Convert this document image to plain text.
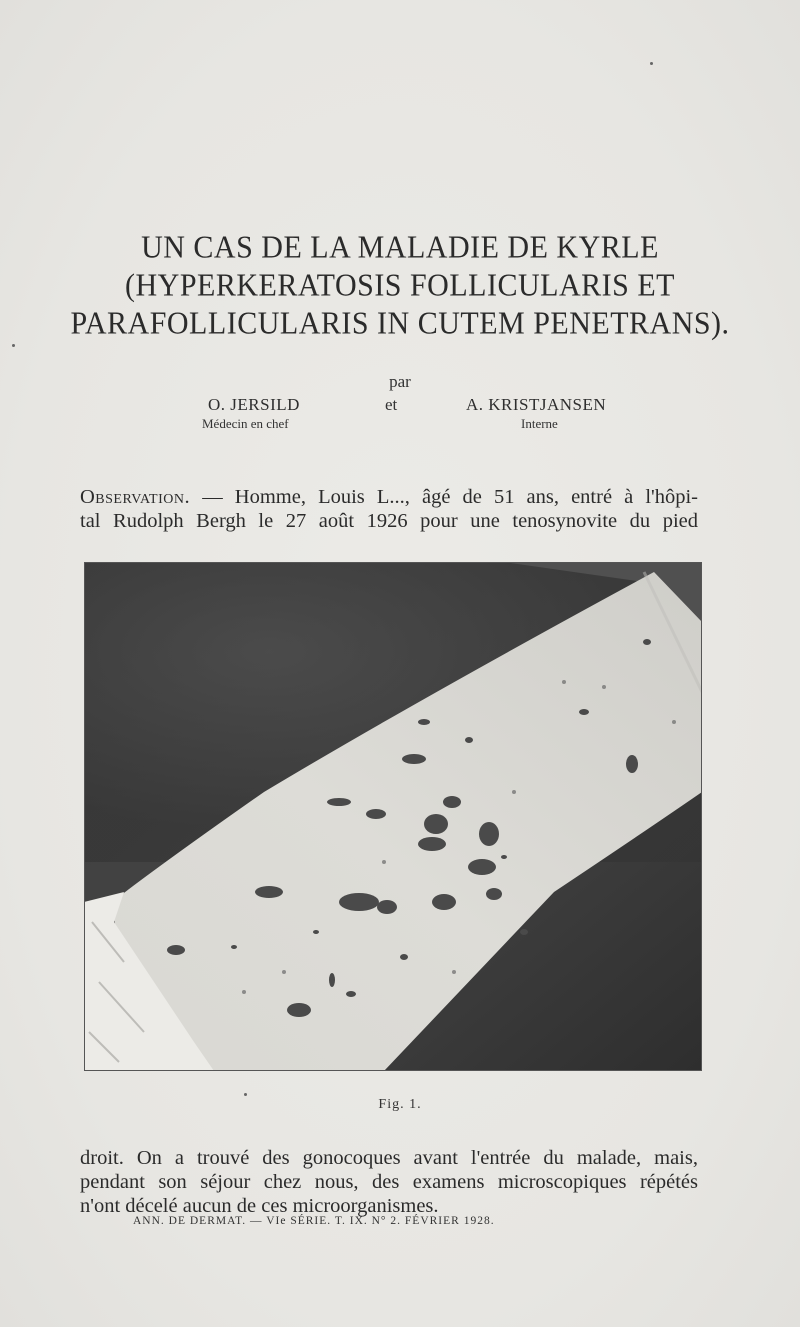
UN CAS DE LA MALADIE DE KYRLE
(HYPERKERATOSIS FOLLICULARIS ET
PARAFOLLICULARIS IN CUTEM PENETRANS).
par
O. JERSILD	et	A. KRISTJANSEN
Médecin en chef	Interne
Observation. — Homme, Louis L..., âgé de 51 ans, entré à l'hôpi-
tal Rudolph Bergh le 27 août 1926 pour une tenosynovite du pied
Fig. 1.
droit. On a trouvé des gonocoques avant l'entrée du malade, mais,
pendant son séjour chez nous, des examens microscopiques répétés
n'ont décelé aucun de ces microorganismes.
ANN. DE DERMAT. — VIe SÉRIE. T. IX. N° 2. FÉVRIER 1928.
